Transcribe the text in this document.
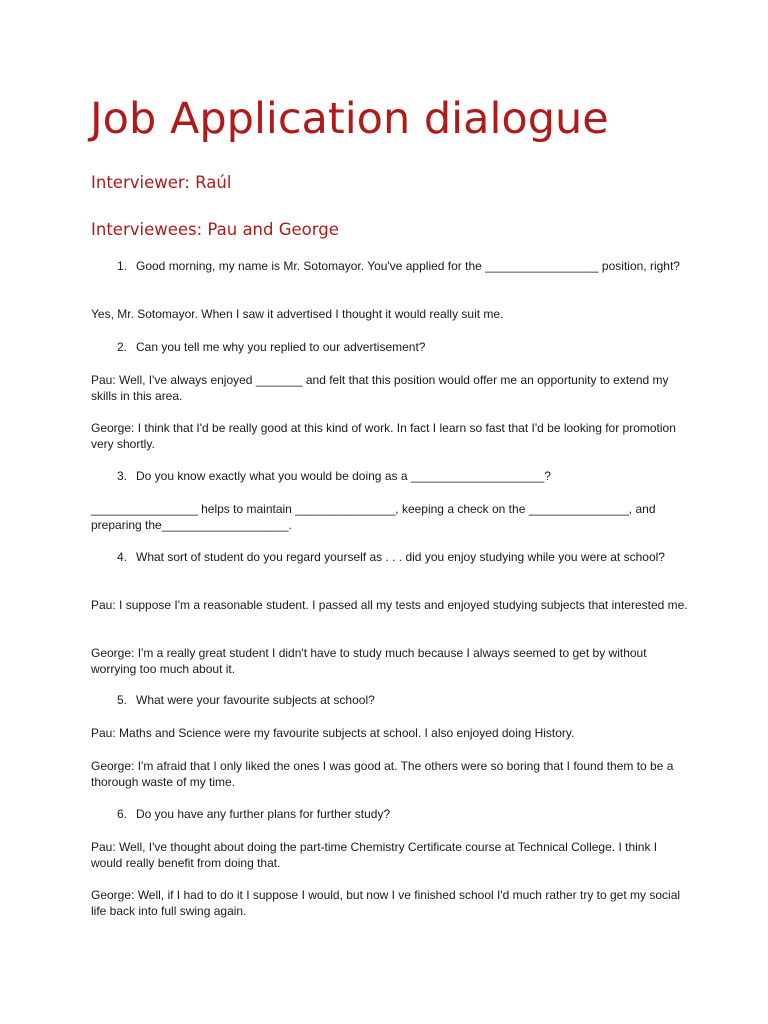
Job Application dialogue
Interviewer: Raúl
Interviewees: Pau and George
1. Good morning, my name is Mr. Sotomayor. You've applied for the _________________ position, right?

Yes, Mr. Sotomayor. When I saw it advertised I thought it would really suit me.

2. Can you tell me why you replied to our advertisement?

Pau: Well, I've always enjoyed _______ and felt that this position would offer me an opportunity to extend my skills in this area.

George: I think that I'd be really good at this kind of work. In fact I learn so fast that I'd be looking for promotion very shortly.

3. Do you know exactly what you would be doing as a ____________________?

________________ helps to maintain _______________, keeping a check on the _______________, and preparing the___________________.

4. What sort of student do you regard yourself as . . . did you enjoy studying while you were at school?

Pau: I suppose I'm a reasonable student. I passed all my tests and enjoyed studying subjects that interested me.

George: I'm a really great student I didn't have to study much because I always seemed to get by without worrying too much about it.

5. What were your favourite subjects at school?

Pau: Maths and Science were my favourite subjects at school. I also enjoyed doing History.

George: I'm afraid that I only liked the ones I was good at. The others were so boring that I found them to be a thorough waste of my time.

6. Do you have any further plans for further study?

Pau: Well, I've thought about doing the part-time Chemistry Certificate course at Technical College. I think I would really benefit from doing that.

George: Well, if I had to do it I suppose I would, but now I ve finished school I'd much rather try to get my social life back into full swing again.
